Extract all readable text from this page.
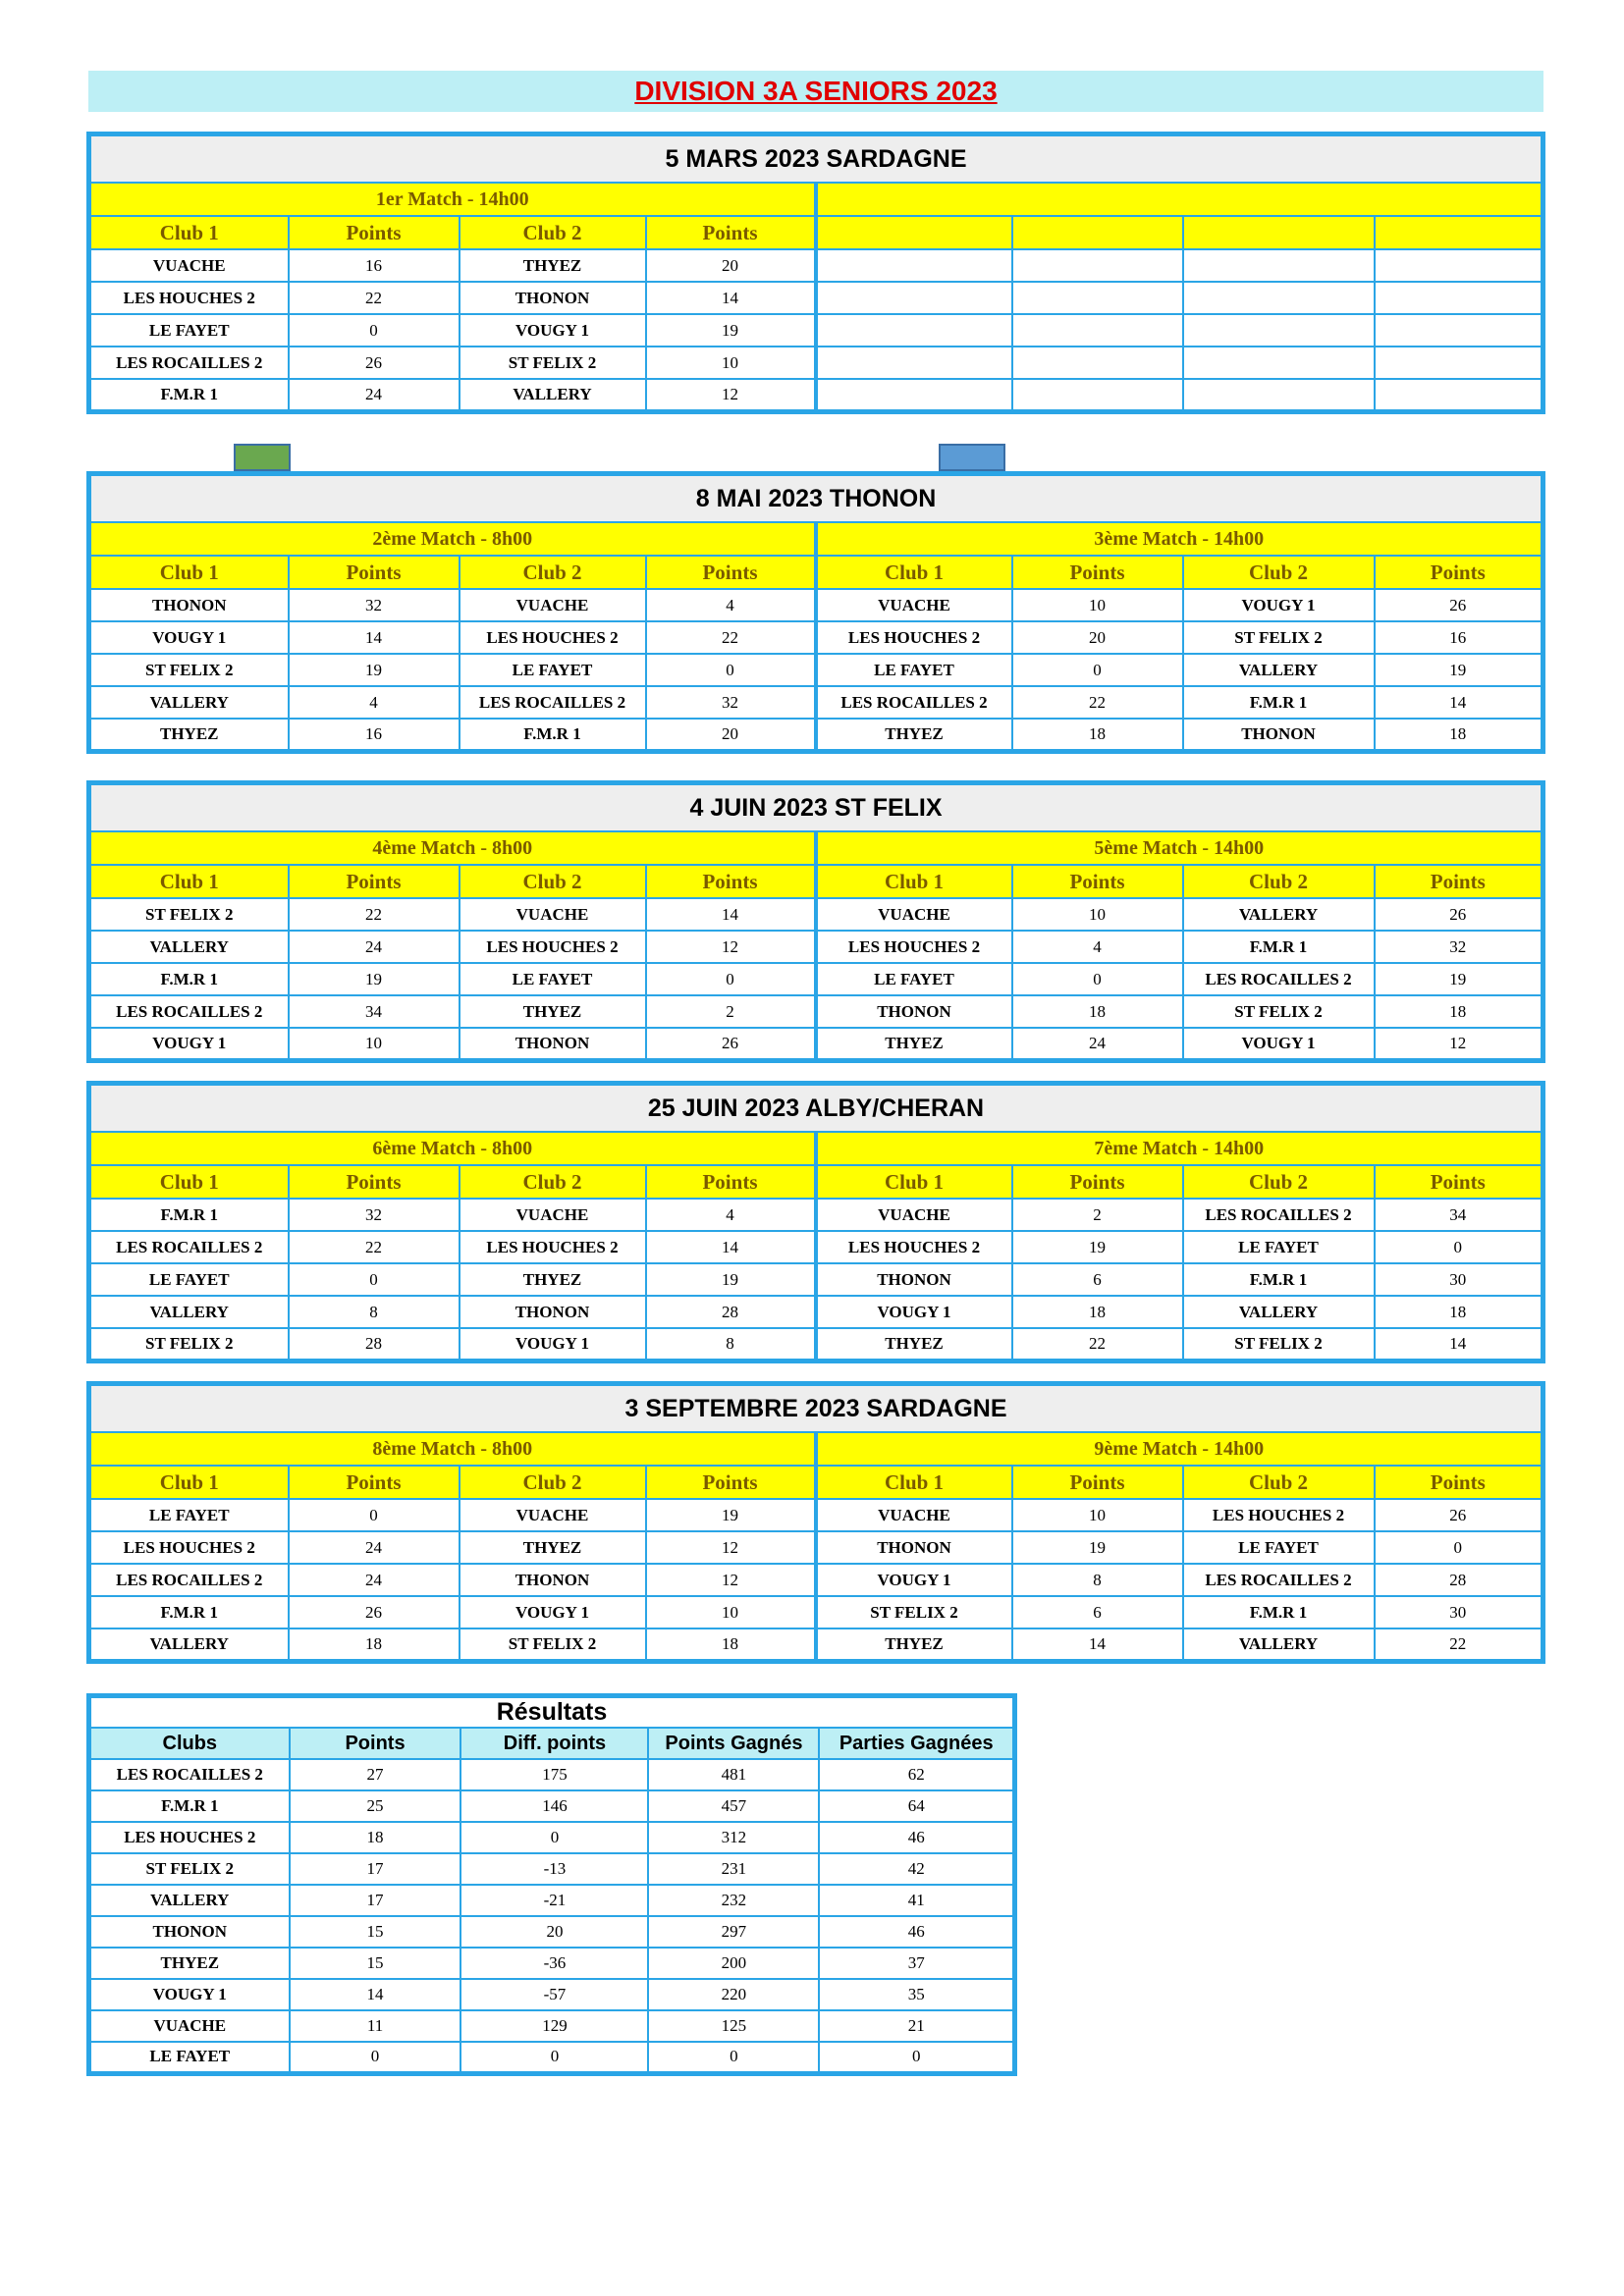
DIVISION 3A SENIORS 2023
5 MARS 2023 SARDAGNE							
1er Match - 14h00							
Club 1	Points	Club 2	Points				
VUACHE	16	THYEZ	20				
LES HOUCHES 2	22	THONON	14				
LE FAYET	0	VOUGY 1	19				
LES ROCAILLES 2	26	ST FELIX 2	10				
F.M.R 1	24	VALLERY	12				
8 MAI 2023 THONON							
2ème Match - 8h00				3ème Match - 14h00			
Club 1	Points	Club 2	Points	Club 1	Points	Club 2	Points
THONON	32	VUACHE	4	VUACHE	10	VOUGY 1	26
VOUGY 1	14	LES HOUCHES 2	22	LES HOUCHES 2	20	ST FELIX 2	16
ST FELIX 2	19	LE FAYET	0	LE FAYET	0	VALLERY	19
VALLERY	4	LES ROCAILLES 2	32	LES ROCAILLES 2	22	F.M.R 1	14
THYEZ	16	F.M.R 1	20	THYEZ	18	THONON	18
4 JUIN 2023 ST FELIX							
4ème Match - 8h00				5ème Match - 14h00			
Club 1	Points	Club 2	Points	Club 1	Points	Club 2	Points
ST FELIX 2	22	VUACHE	14	VUACHE	10	VALLERY	26
VALLERY	24	LES HOUCHES 2	12	LES HOUCHES 2	4	F.M.R 1	32
F.M.R 1	19	LE FAYET	0	LE FAYET	0	LES ROCAILLES 2	19
LES ROCAILLES 2	34	THYEZ	2	THONON	18	ST FELIX 2	18
VOUGY 1	10	THONON	26	THYEZ	24	VOUGY 1	12
25 JUIN 2023 ALBY/CHERAN							
6ème Match - 8h00				7ème Match - 14h00			
Club 1	Points	Club 2	Points	Club 1	Points	Club 2	Points
F.M.R 1	32	VUACHE	4	VUACHE	2	LES ROCAILLES 2	34
LES ROCAILLES 2	22	LES HOUCHES 2	14	LES HOUCHES 2	19	LE FAYET	0
LE FAYET	0	THYEZ	19	THONON	6	F.M.R 1	30
VALLERY	8	THONON	28	VOUGY 1	18	VALLERY	18
ST FELIX 2	28	VOUGY 1	8	THYEZ	22	ST FELIX 2	14
3 SEPTEMBRE 2023 SARDAGNE							
8ème Match - 8h00				9ème Match - 14h00			
Club 1	Points	Club 2	Points	Club 1	Points	Club 2	Points
LE FAYET	0	VUACHE	19	VUACHE	10	LES HOUCHES 2	26
LES HOUCHES 2	24	THYEZ	12	THONON	19	LE FAYET	0
LES ROCAILLES 2	24	THONON	12	VOUGY 1	8	LES ROCAILLES 2	28
F.M.R 1	26	VOUGY 1	10	ST FELIX 2	6	F.M.R 1	30
VALLERY	18	ST FELIX 2	18	THYEZ	14	VALLERY	22
Résultats				
Clubs	Points	Diff. points	Points Gagnés	Parties Gagnées
LES ROCAILLES 2	27	175	481	62
F.M.R 1	25	146	457	64
LES HOUCHES 2	18	0	312	46
ST FELIX 2	17	-13	231	42
VALLERY	17	-21	232	41
THONON	15	20	297	46
THYEZ	15	-36	200	37
VOUGY 1	14	-57	220	35
VUACHE	11	129	125	21
LE FAYET	0	0	0	0
